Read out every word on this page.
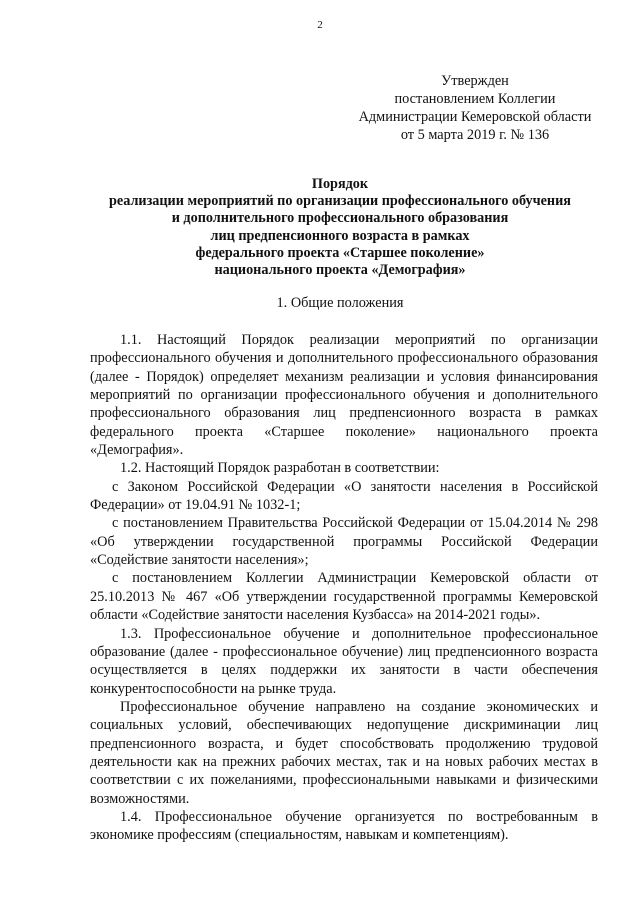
2
Утвержден
постановлением Коллегии
Администрации Кемеровской области
от 5 марта 2019 г. № 136
Порядок
реализации мероприятий по организации профессионального обучения
и дополнительного профессионального образования
лиц предпенсионного возраста в рамках
федерального проекта «Старшее поколение»
национального проекта «Демография»
1. Общие положения

1.1. Настоящий Порядок реализации мероприятий по организации профессионального обучения и дополнительного профессионального образования (далее - Порядок) определяет механизм реализации и условия финансирования мероприятий по организации профессионального обучения и дополнительного профессионального образования лиц предпенсионного возраста в рамках федерального проекта «Старшее поколение» национального проекта «Демография».

1.2. Настоящий Порядок разработан в соответствии:

с Законом Российской Федерации «О занятости населения в Российской Федерации» от 19.04.91 № 1032-1;

с постановлением Правительства Российской Федерации от 15.04.2014 № 298 «Об утверждении государственной программы Российской Федерации «Содействие занятости населения»;

с постановлением Коллегии Администрации Кемеровской области от 25.10.2013 № 467 «Об утверждении государственной программы Кемеровской области «Содействие занятости населения Кузбасса» на 2014-2021 годы».

1.3. Профессиональное обучение и дополнительное профессиональное образование (далее - профессиональное обучение) лиц предпенсионного возраста осуществляется в целях поддержки их занятости в части обеспечения конкурентоспособности на рынке труда.

Профессиональное обучение направлено на создание экономических и социальных условий, обеспечивающих недопущение дискриминации лиц предпенсионного возраста, и будет способствовать продолжению трудовой деятельности как на прежних рабочих местах, так и на новых рабочих местах в соответствии с их пожеланиями, профессиональными навыками и физическими возможностями.

1.4. Профессиональное обучение организуется по востребованным в экономике профессиям (специальностям, навыкам и компетенциям).
